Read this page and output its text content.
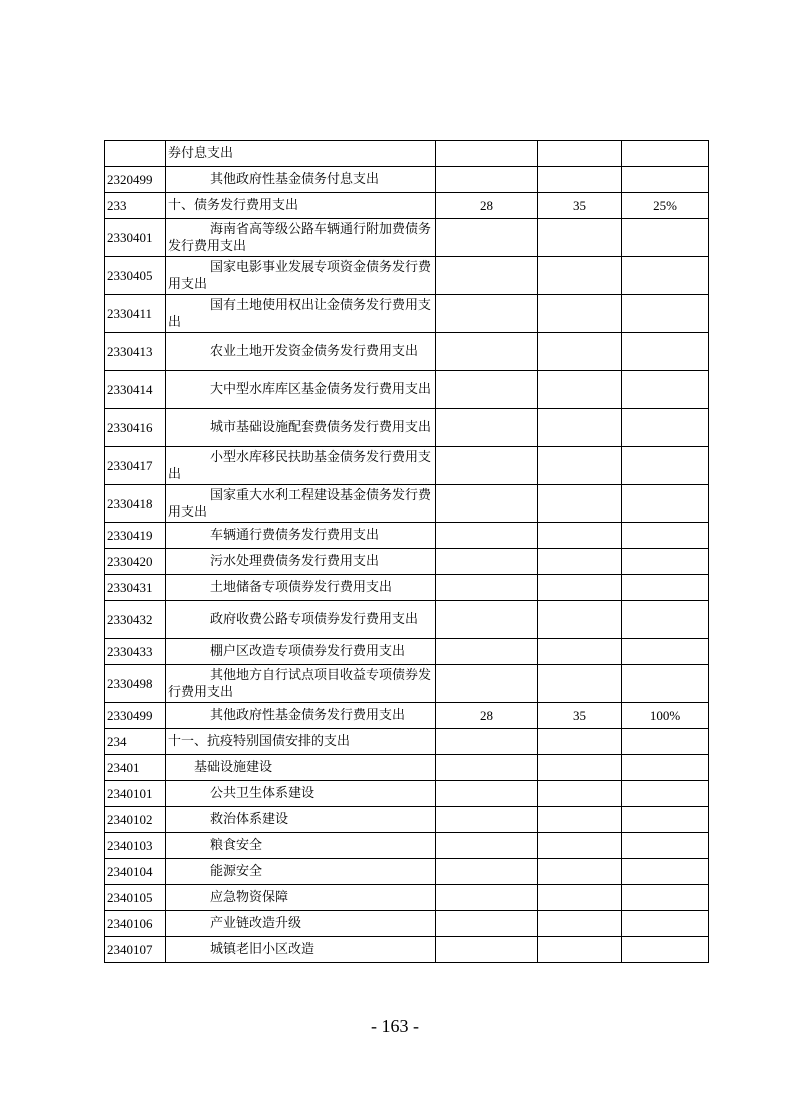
	券付息支出			
2320499	其他政府性基金债务付息支出			
233	十、债务发行费用支出	28	35	25%
2330401	海南省高等级公路车辆通行附加费债务发行费用支出			

2330405	国家电影事业发展专项资金债务发行费用支出			

2330411	国有土地使用权出让金债务发行费用支出			

2330413	农业土地开发资金债务发行费用支出			

2330414	大中型水库库区基金债务发行费用支出			

2330416	城市基础设施配套费债务发行费用支出			

2330417	小型水库移民扶助基金债务发行费用支出			

2330418	国家重大水利工程建设基金债务发行费用支出			

2330419	车辆通行费债务发行费用支出			
2330420	污水处理费债务发行费用支出			
2330431	土地储备专项债券发行费用支出			
2330432	政府收费公路专项债券发行费用支出			

2330433	棚户区改造专项债券发行费用支出			
2330498	其他地方自行试点项目收益专项债券发行费用支出			

2330499	其他政府性基金债务发行费用支出	28	35	100%
234	十一、抗疫特别国债安排的支出			
23401	基础设施建设			
2340101	公共卫生体系建设			
2340102	救治体系建设			
2340103	粮食安全			
2340104	能源安全			
2340105	应急物资保障			
2340106	产业链改造升级			
2340107	城镇老旧小区改造			
- 163 -
